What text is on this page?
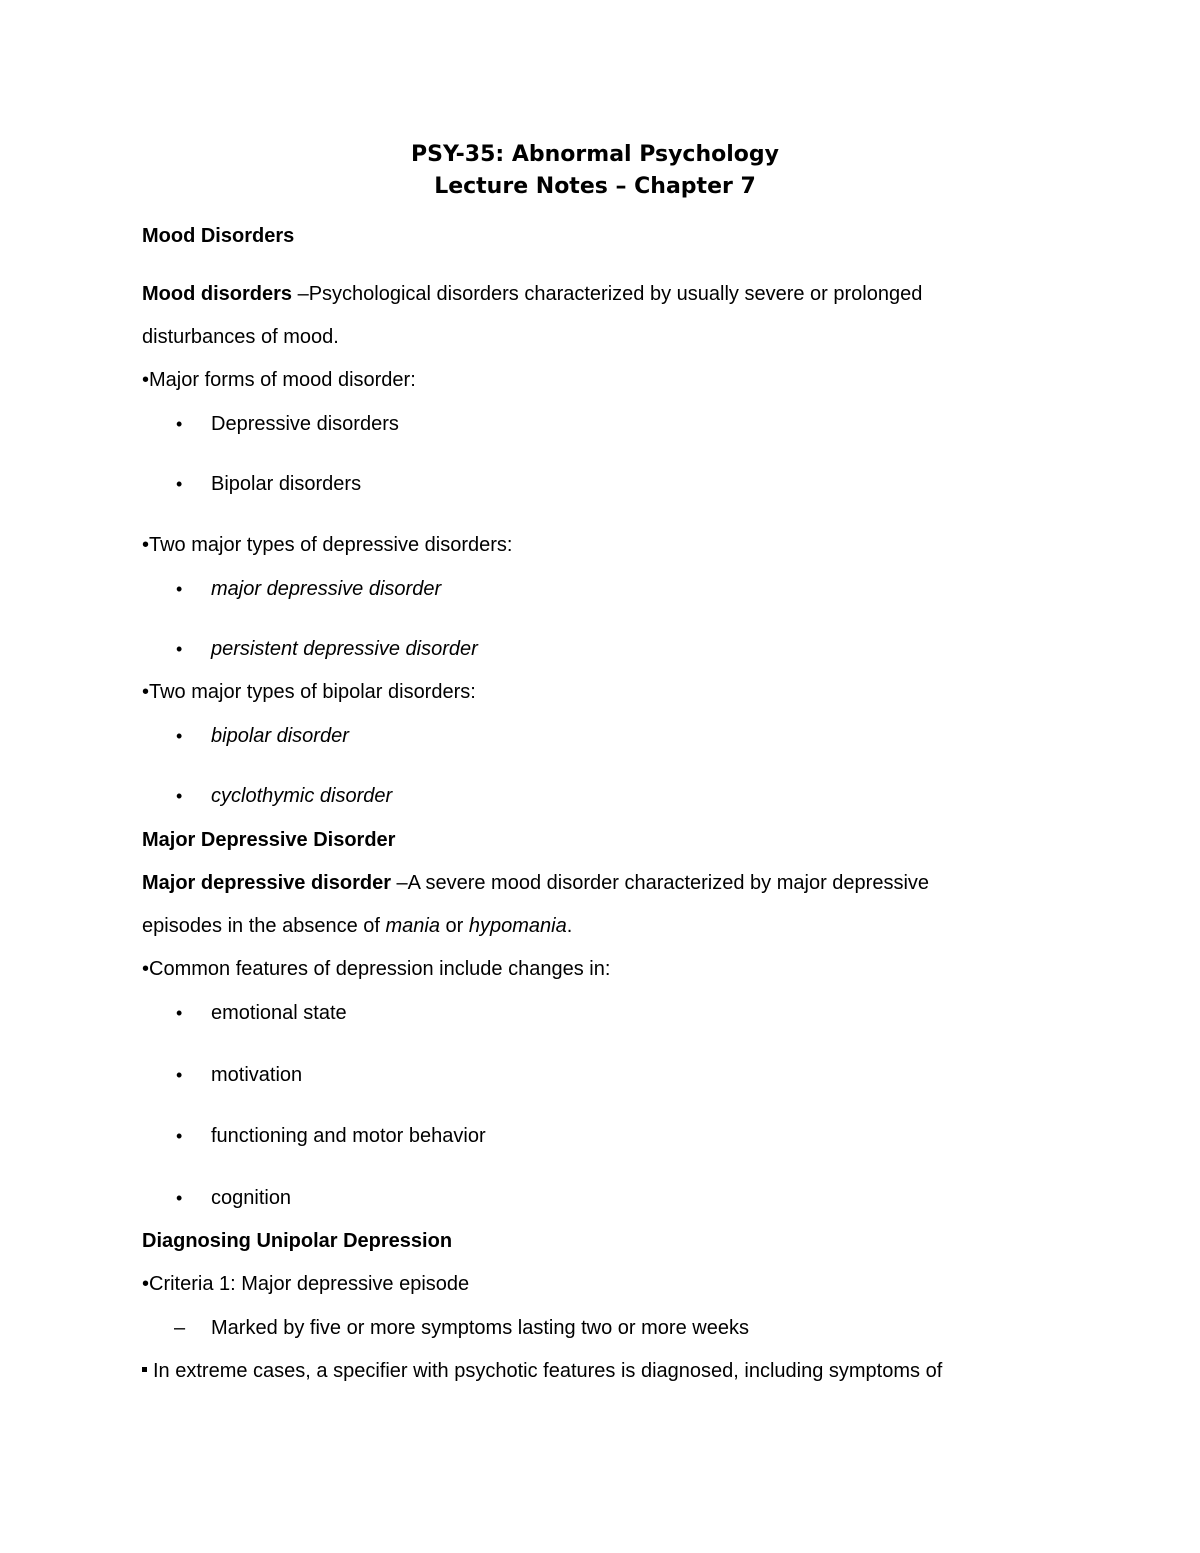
PSY-35: Abnormal Psychology
Lecture Notes – Chapter 7
Mood Disorders
Mood disorders –Psychological disorders characterized by usually severe or prolonged
disturbances of mood.
•Major forms of mood disorder:
• Depressive disorders
• Bipolar disorders
•Two major types of depressive disorders:
• major depressive disorder
• persistent depressive disorder
•Two major types of bipolar disorders:
• bipolar disorder
• cyclothymic disorder
Major Depressive Disorder
Major depressive disorder –A severe mood disorder characterized by major depressive
episodes in the absence of mania or hypomania.
•Common features of depression include changes in:
• emotional state
• motivation
• functioning and motor behavior
• cognition
Diagnosing Unipolar Depression
•Criteria 1: Major depressive episode
– Marked by five or more symptoms lasting two or more weeks
In extreme cases, a specifier with psychotic features is diagnosed, including symptoms of
